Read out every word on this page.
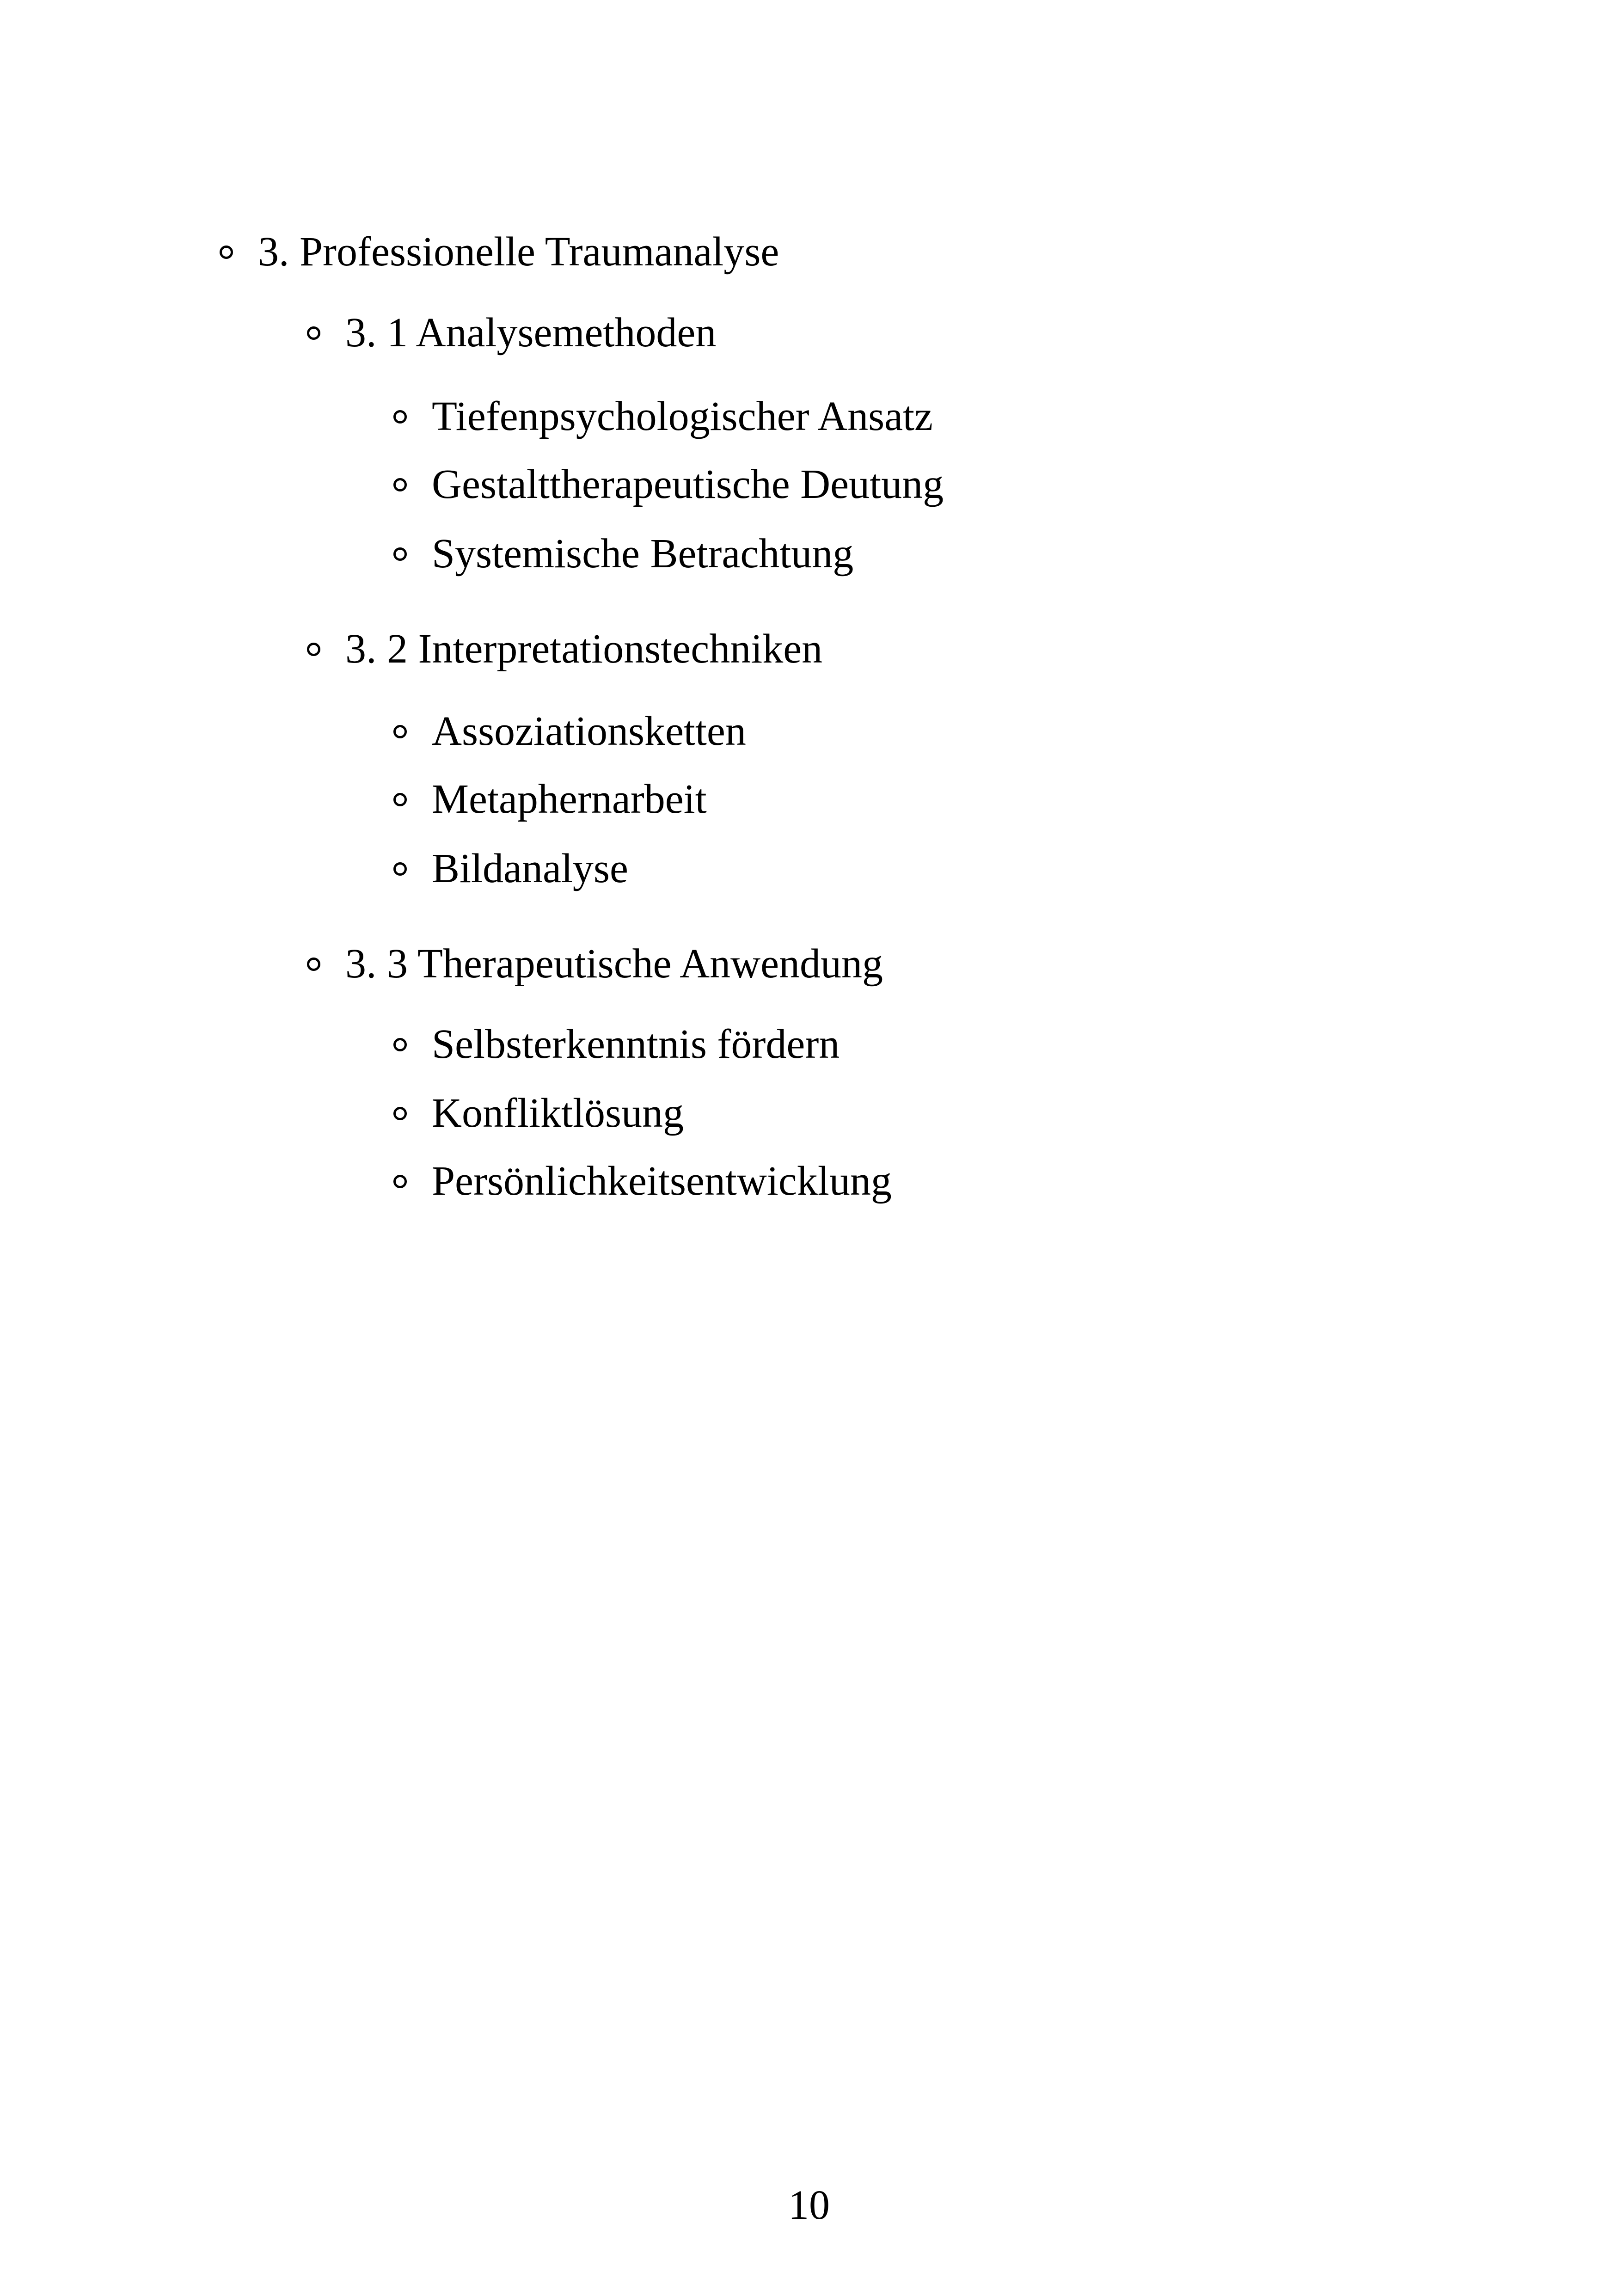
3. Professionelle Traumanalyse
3. 1 Analysemethoden
Tiefenpsychologischer Ansatz
Gestalttherapeutische Deutung
Systemische Betrachtung
3. 2 Interpretationstechniken
Assoziationsketten
Metaphernarbeit
Bildanalyse
3. 3 Therapeutische Anwendung
Selbsterkenntnis fördern
Konfliktlösung
Persönlichkeitsentwicklung
10
